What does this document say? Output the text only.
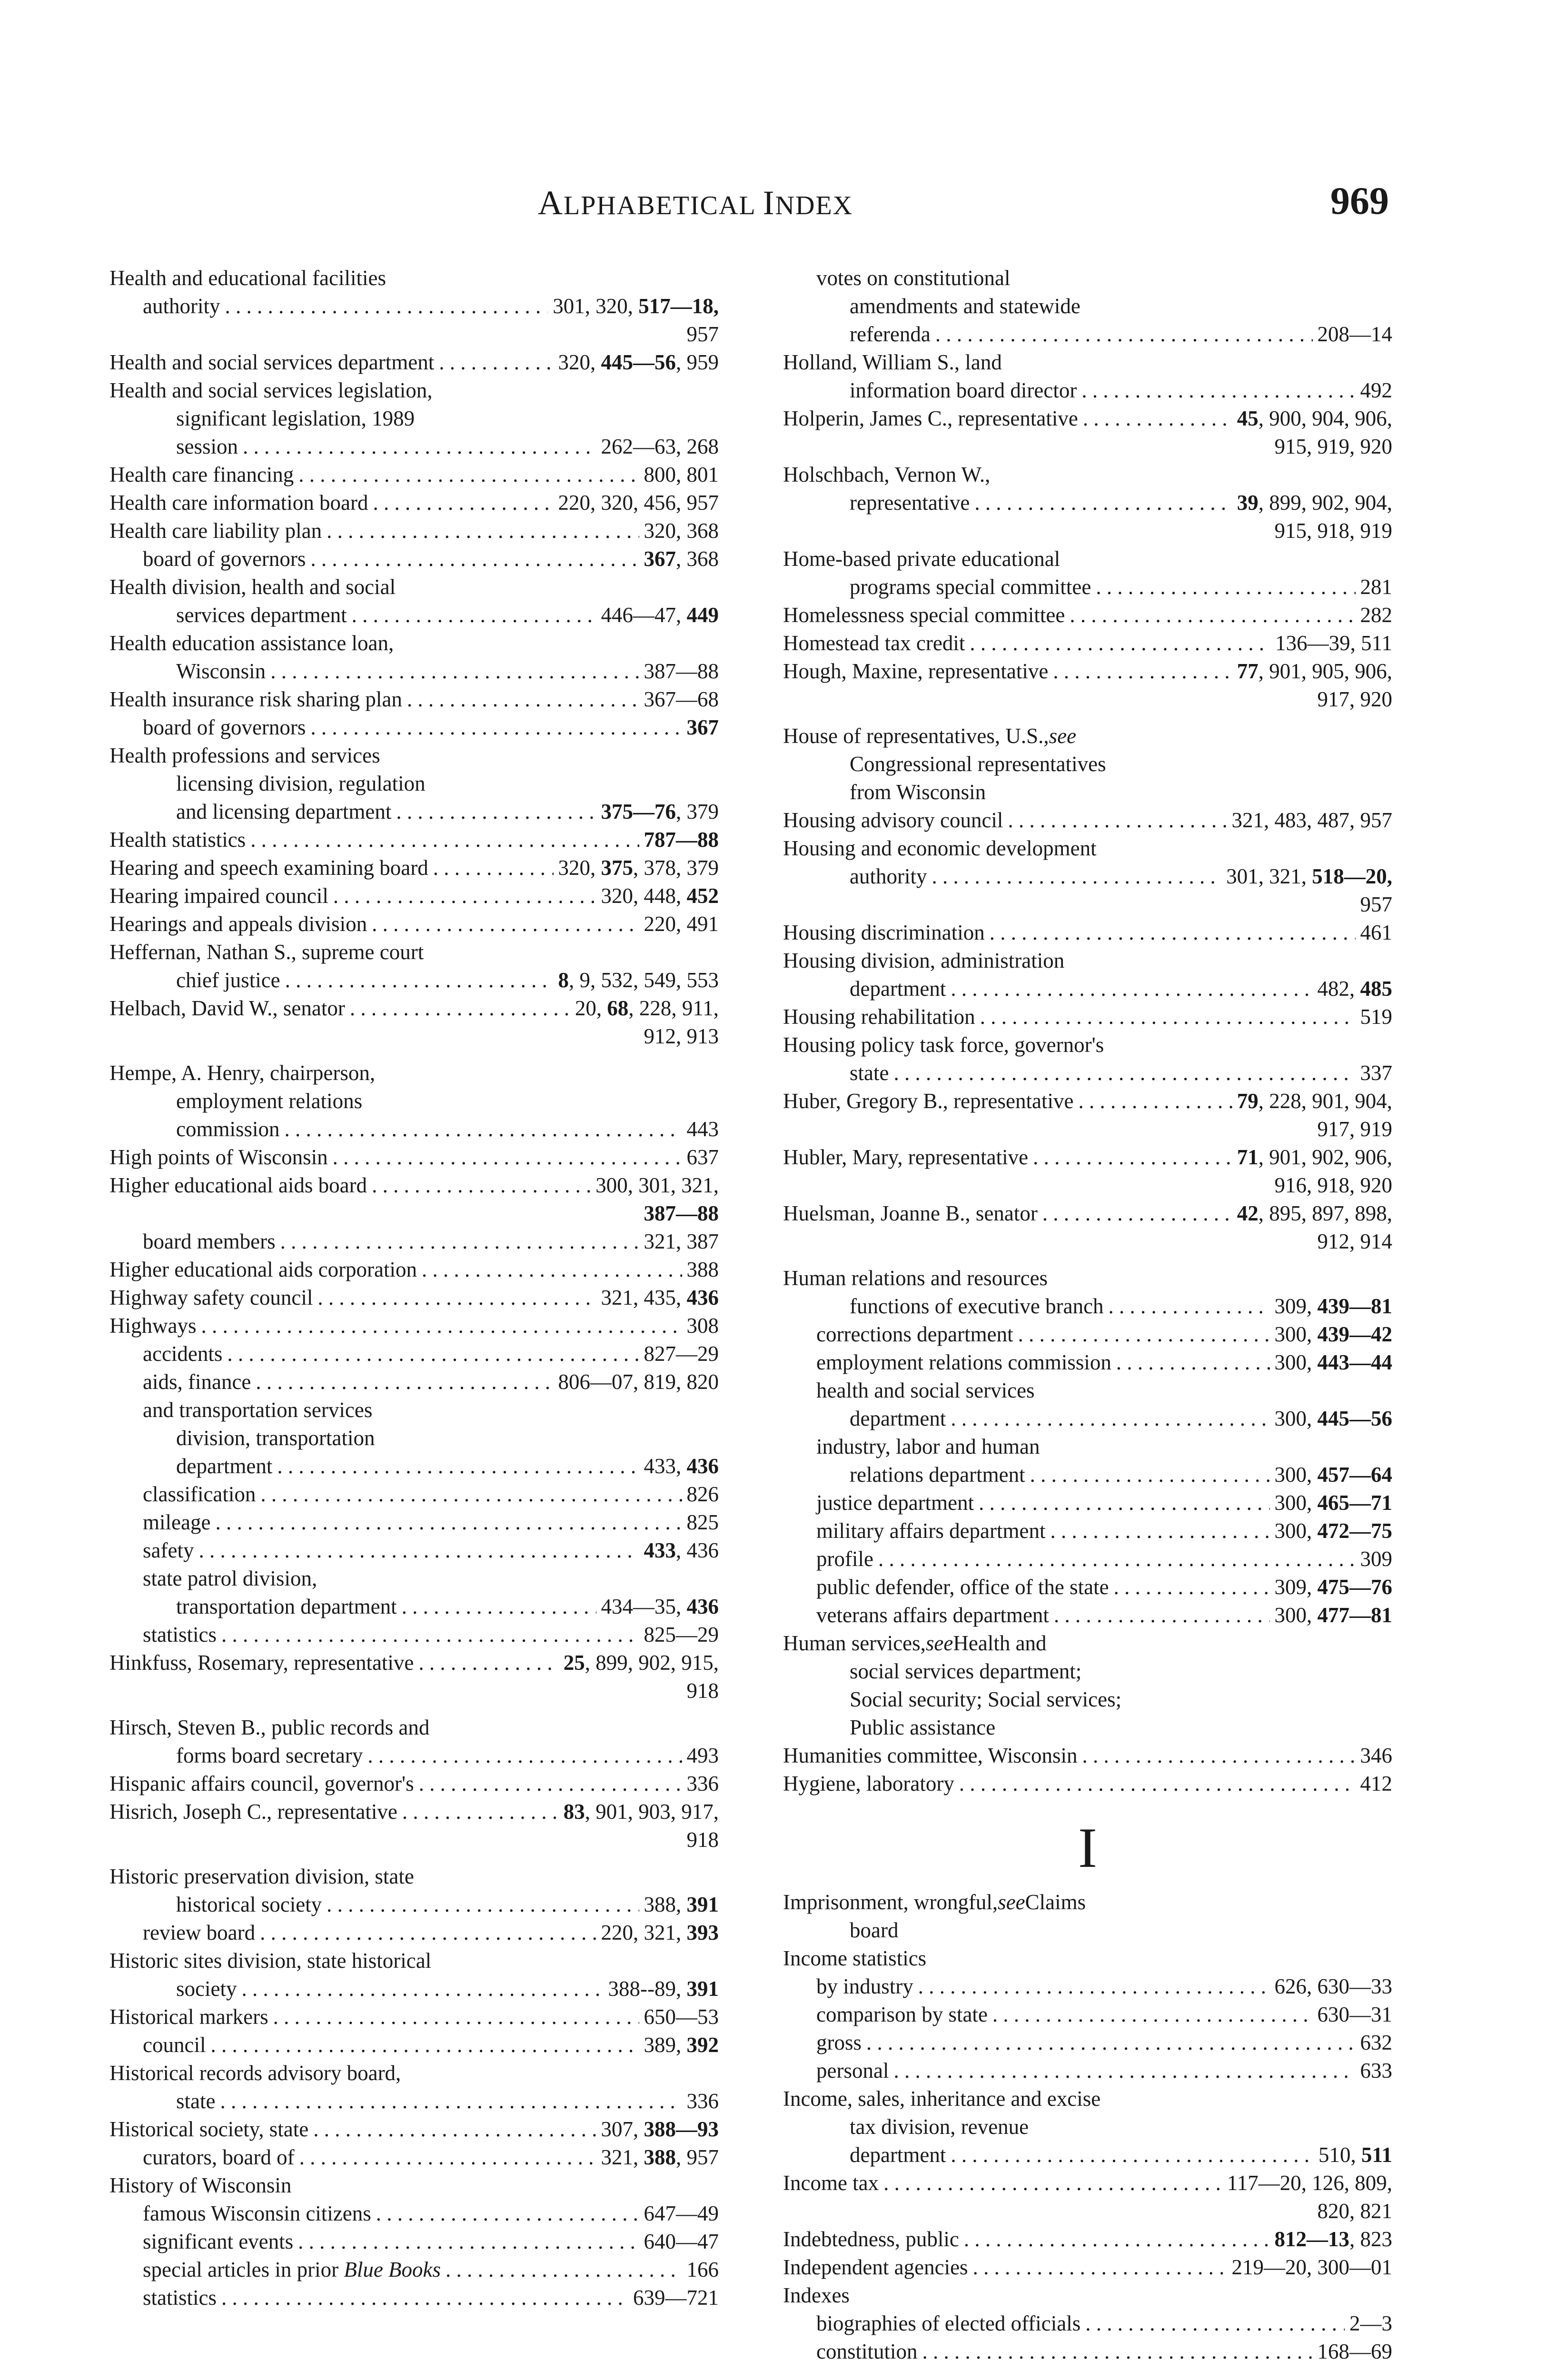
ALPHABETICAL INDEX	969
Health and educational facilities
authority . . .	301, 320, 517—18,
957
Health and social services department . . .	320, 445—56, 959
Health and social services legislation,
significant legislation, 1989
session . . .	262—63, 268
Health care financing . . .	800, 801
Health care information board . . .	220, 320, 456, 957
Health care liability plan . . .	320, 368
board of governors . . .	367, 368
Health division, health and social
services department . . .	446—47, 449
Health education assistance loan,
Wisconsin . . .	387—88
Health insurance risk sharing plan . . .	367—68
board of governors . . .	367
Health professions and services
licensing division, regulation
and licensing department . . .	375—76, 379
Health statistics . . .	787—88
Hearing and speech examining board . . .	320, 375, 378, 379
Hearing impaired council . . .	320, 448, 452
Hearings and appeals division . . .	220, 491
Heffernan, Nathan S., supreme court
chief justice . . .	8, 9, 532, 549, 553
Helbach, David W., senator . . .	20, 68, 228, 911,
912, 913
Hempe, A. Henry, chairperson,
employment relations
commission . . .	443
High points of Wisconsin . . .	637
Higher educational aids board . . .	300, 301, 321,
387—88
board members . . .	321, 387
Higher educational aids corporation . . .	388
Highway safety council . . .	321, 435, 436
Highways . . .	308
accidents . . .	827—29
aids, finance . . .	806—07, 819, 820
and transportation services
division, transportation
department . . .	433, 436
classification . . .	826
mileage . . .	825
safety . . .	433, 436
state patrol division,
transportation department . . .	434—35, 436
statistics . . .	825—29
Hinkfuss, Rosemary, representative . . .	25, 899, 902, 915,
918
Hirsch, Steven B., public records and
forms board secretary . . .	493
Hispanic affairs council, governor's . . .	336
Hisrich, Joseph C., representative . . .	83, 901, 903, 917,
918
Historic preservation division, state
historical society . . .	388, 391
review board . . .	220, 321, 393
Historic sites division, state historical
society . . .	388--89, 391
Historical markers . . .	650—53
council . . .	389, 392
Historical records advisory board,
state . . .	336
Historical society, state . . .	307, 388—93
curators, board of . . .	321, 388, 957
History of Wisconsin
famous Wisconsin citizens . . .	647—49
significant events . . .	640—47
special articles in prior Blue Books . . .	166
statistics . . .	639—721
votes on constitutional
amendments and statewide
referenda . . .	208—14
Holland, William S., land
information board director . . .	492
Holperin, James C., representative . . .	45, 900, 904, 906,
915, 919, 920
Holschbach, Vernon W.,
representative . . .	39, 899, 902, 904,
915, 918, 919
Home-based private educational
programs special committee . . .	281
Homelessness special committee . . .	282
Homestead tax credit . . .	136—39, 511
Hough, Maxine, representative . . .	77, 901, 905, 906,
917, 920
House of representatives, U.S., see
Congressional representatives
from Wisconsin
Housing advisory council . . .	321, 483, 487, 957
Housing and economic development
authority . . .	301, 321, 518—20,
957
Housing discrimination . . .	461
Housing division, administration
department . . .	482, 485
Housing rehabilitation . . .	519
Housing policy task force, governor's
state . . .	337
Huber, Gregory B., representative . . .	79, 228, 901, 904,
917, 919
Hubler, Mary, representative . . .	71, 901, 902, 906,
916, 918, 920
Huelsman, Joanne B., senator . . .	42, 895, 897, 898,
912, 914
Human relations and resources
functions of executive branch . . .	309, 439—81
corrections department . . .	300, 439—42
employment relations commission . . .	300, 443—44
health and social services
department . . .	300, 445—56
industry, labor and human
relations department . . .	300, 457—64
justice department . . .	300, 465—71
military affairs department . . .	300, 472—75
profile . . .	309
public defender, office of the state . . .	309, 475—76
veterans affairs department . . .	300, 477—81
Human services, see Health and
social services department;
Social security; Social services;
Public assistance
Humanities committee, Wisconsin . . .	346
Hygiene, laboratory . . .	412
I
Imprisonment, wrongful, see Claims
board
Income statistics
by industry . . .	626, 630—33
comparison by state . . .	630—31
gross . . .	632
personal . . .	633
Income, sales, inheritance and excise
tax division, revenue
department . . .	510, 511
Income tax . . .	117—20, 126, 809,
820, 821
Indebtedness, public . . .	812—13, 823
Independent agencies . . .	219—20, 300—01
Indexes
biographies of elected officials . . .	2—3
constitution . . .	168—69
